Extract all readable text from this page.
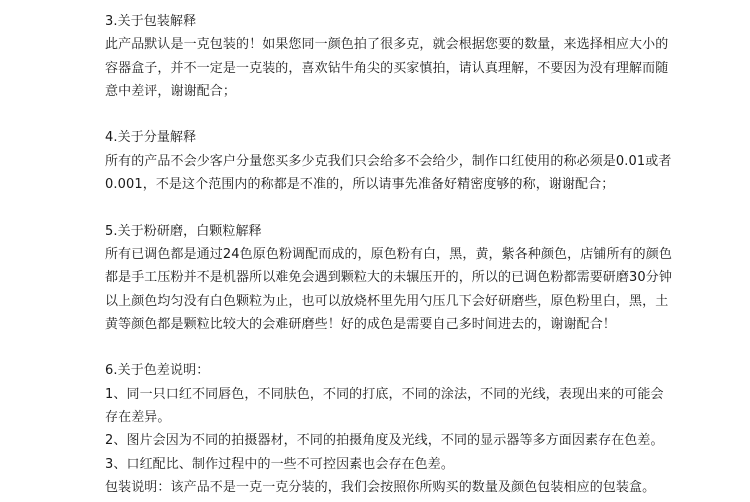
3.关于包装解释
此产品默认是一克包装的！如果您同一颜色拍了很多克，就会根据您要的数量，来选择相应大小的
容器盒子，并不一定是一克装的，喜欢钻牛角尖的买家慎拍，请认真理解，不要因为没有理解而随
意中差评，谢谢配合；
4.关于分量解释
所有的产品不会少客户分量您买多少克我们只会给多不会给少，制作口红使用的称必须是0.01或者
0.001，不是这个范围内的称都是不准的，所以请事先准备好精密度够的称，谢谢配合；
5.关于粉研磨，白颗粒解释
所有已调色都是通过24色原色粉调配而成的，原色粉有白，黑，黄，紫各种颜色，店铺所有的颜色
都是手工压粉并不是机器所以难免会遇到颗粒大的未辗压开的，所以的已调色粉都需要研磨30分钟
以上颜色均匀没有白色颗粒为止，也可以放烧杯里先用勺压几下会好研磨些，原色粉里白，黑，土
黄等颜色都是颗粒比较大的会难研磨些！好的成色是需要自己多时间进去的，谢谢配合！
6.关于色差说明：
1、同一只口红不同唇色，不同肤色，不同的打底，不同的涂法，不同的光线，表现出来的可能会
存在差异。
2、图片会因为不同的拍摄器材，不同的拍摄角度及光线，不同的显示器等多方面因素存在色差。
3、口红配比、制作过程中的一些不可控因素也会存在色差。
包装说明：该产品不是一克一克分装的，我们会按照你所购买的数量及颜色包装相应的包装盒。
